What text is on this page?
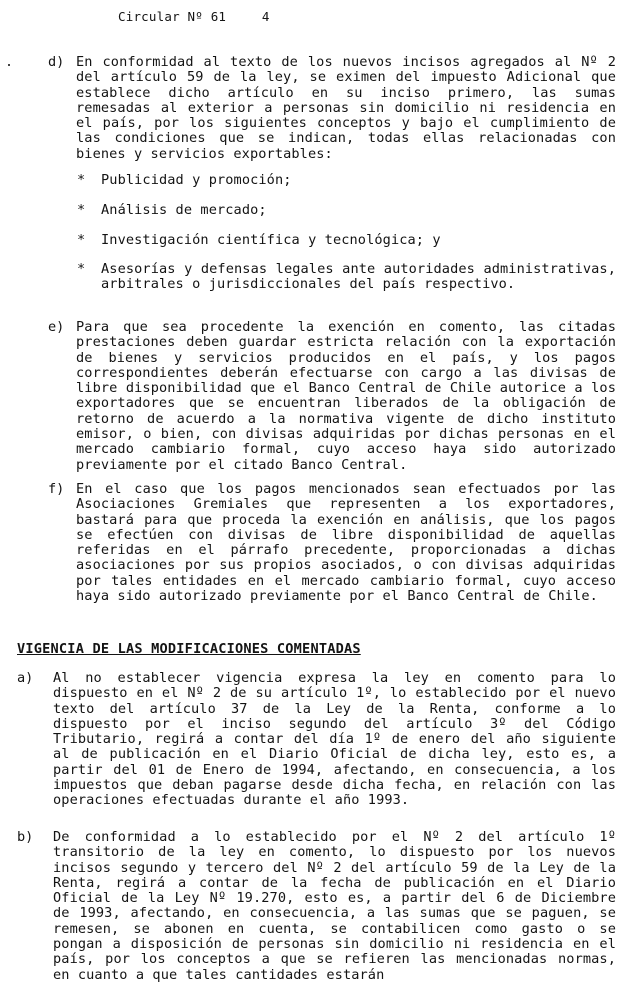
Circular Nº 61	4
d) En conformidad al texto de los nuevos incisos agregados al Nº 2 del artículo 59 de la ley, se eximen del impuesto Adicional que establece dicho artículo en su inciso primero, las sumas remesadas al exterior a personas sin domicilio ni residencia en el país, por los siguientes conceptos y bajo el cumplimiento de las condiciones que se indican, todas ellas relacionadas con bienes y servicios exportables:
* Publicidad y promoción;
* Análisis de mercado;
* Investigación científica y tecnológica; y
* Asesorías y defensas legales ante autoridades administrativas, arbitrales o jurisdiccionales del país respectivo.
e) Para que sea procedente la exención en comento, las citadas prestaciones deben guardar estricta relación con la exportación de bienes y servicios producidos en el país, y los pagos correspondientes deberán efectuarse con cargo a las divisas de libre disponibilidad que el Banco Central de Chile autorice a los exportadores que se encuentran liberados de la obligación de retorno de acuerdo a la normativa vigente de dicho instituto emisor, o bien, con divisas adquiridas por dichas personas en el mercado cambiario formal, cuyo acceso haya sido autorizado previamente por el citado Banco Central.
f) En el caso que los pagos mencionados sean efectuados por las Asociaciones Gremiales que representen a los exportadores, bastará para que proceda la exención en análisis, que los pagos se efectúen con divisas de libre disponibilidad de aquellas referidas en el párrafo precedente, proporcionadas a dichas asociaciones por sus propios asociados, o con divisas adquiridas por tales entidades en el mercado cambiario formal, cuyo acceso haya sido autorizado previamente por el Banco Central de Chile.
VIGENCIA DE LAS MODIFICACIONES COMENTADAS
a) Al no establecer vigencia expresa la ley en comento para lo dispuesto en el Nº 2 de su artículo 1º, lo establecido por el nuevo texto del artículo 37 de la Ley de la Renta, conforme a lo dispuesto por el inciso segundo del artículo 3º del Código Tributario, regirá a contar del día 1º de enero del año siguiente al de publicación en el Diario Oficial de dicha ley, esto es, a partir del 01 de Enero de 1994, afectando, en consecuencia, a los impuestos que deban pagarse desde dicha fecha, en relación con las operaciones efectuadas durante el año 1993.
b) De conformidad a lo establecido por el Nº 2 del artículo 1º transitorio de la ley en comento, lo dispuesto por los nuevos incisos segundo y tercero del Nº 2 del artículo 59 de la Ley de la Renta, regirá a contar de la fecha de publicación en el Diario Oficial de la Ley Nº 19.270, esto es, a partir del 6 de Diciembre de 1993, afectando, en consecuencia, a las sumas que se paguen, se remesen, se abonen en cuenta, se contabilicen como gasto o se pongan a disposición de personas sin domicilio ni residencia en el país, por los conceptos a que se refieren las mencionadas normas, en cuanto a que tales cantidades estarán
